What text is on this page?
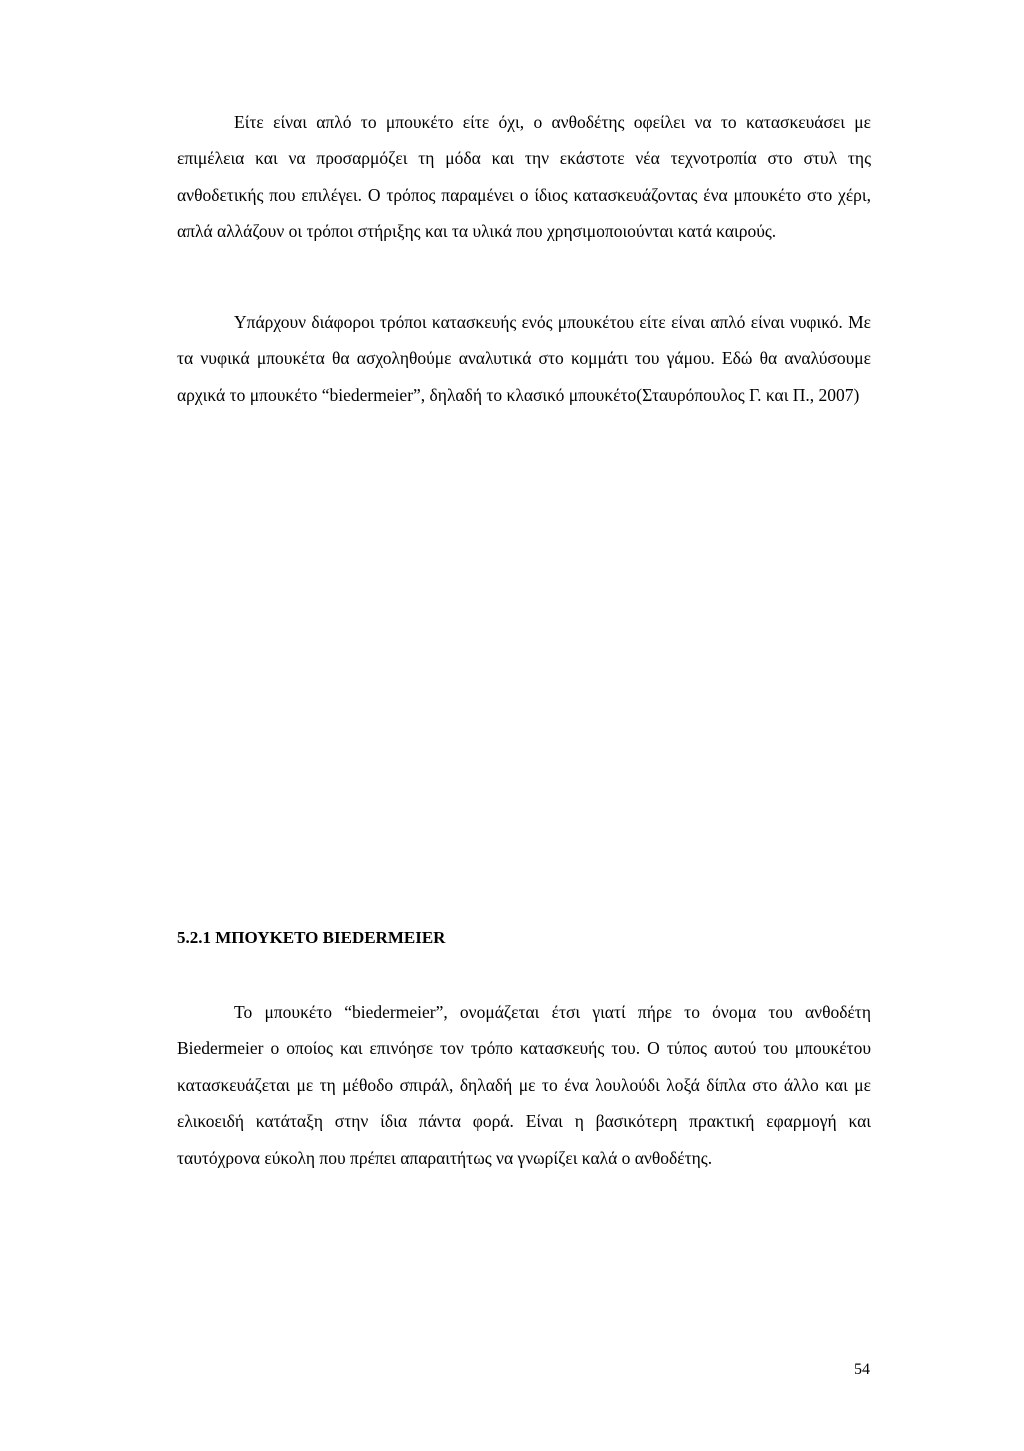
Είτε είναι απλό το μπουκέτο είτε όχι, ο ανθοδέτης οφείλει να το κατασκευάσει με επιμέλεια και να προσαρμόζει τη μόδα και την εκάστοτε νέα τεχνοτροπία στο στυλ της ανθοδετικής που επιλέγει. Ο τρόπος παραμένει ο ίδιος κατασκευάζοντας ένα μπουκέτο στο χέρι, απλά αλλάζουν οι τρόποι στήριξης και τα υλικά που χρησιμοποιούνται κατά καιρούς.

Υπάρχουν διάφοροι τρόποι κατασκευής ενός μπουκέτου είτε είναι απλό είναι νυφικό. Με τα νυφικά μπουκέτα θα ασχοληθούμε αναλυτικά στο κομμάτι του γάμου. Εδώ θα αναλύσουμε αρχικά το μπουκέτο “biedermeier”, δηλαδή το κλασικό μπουκέτο(Σταυρόπουλος Γ. και Π., 2007)

5.2.1 ΜΠΟΥΚΕΤΟ BIEDERMEIER

Το μπουκέτο “biedermeier”, ονομάζεται έτσι γιατί πήρε το όνομα του ανθοδέτη Biedermeier ο οποίος και επινόησε τον τρόπο κατασκευής του. Ο τύπος αυτού του μπουκέτου κατασκευάζεται με τη μέθοδο σπιράλ, δηλαδή με το ένα λουλούδι λοξά δίπλα στο άλλο και με ελικοειδή κατάταξη στην ίδια πάντα φορά. Είναι η βασικότερη πρακτική εφαρμογή και ταυτόχρονα εύκολη που πρέπει απαραιτήτως να γνωρίζει καλά ο ανθοδέτης.

54
